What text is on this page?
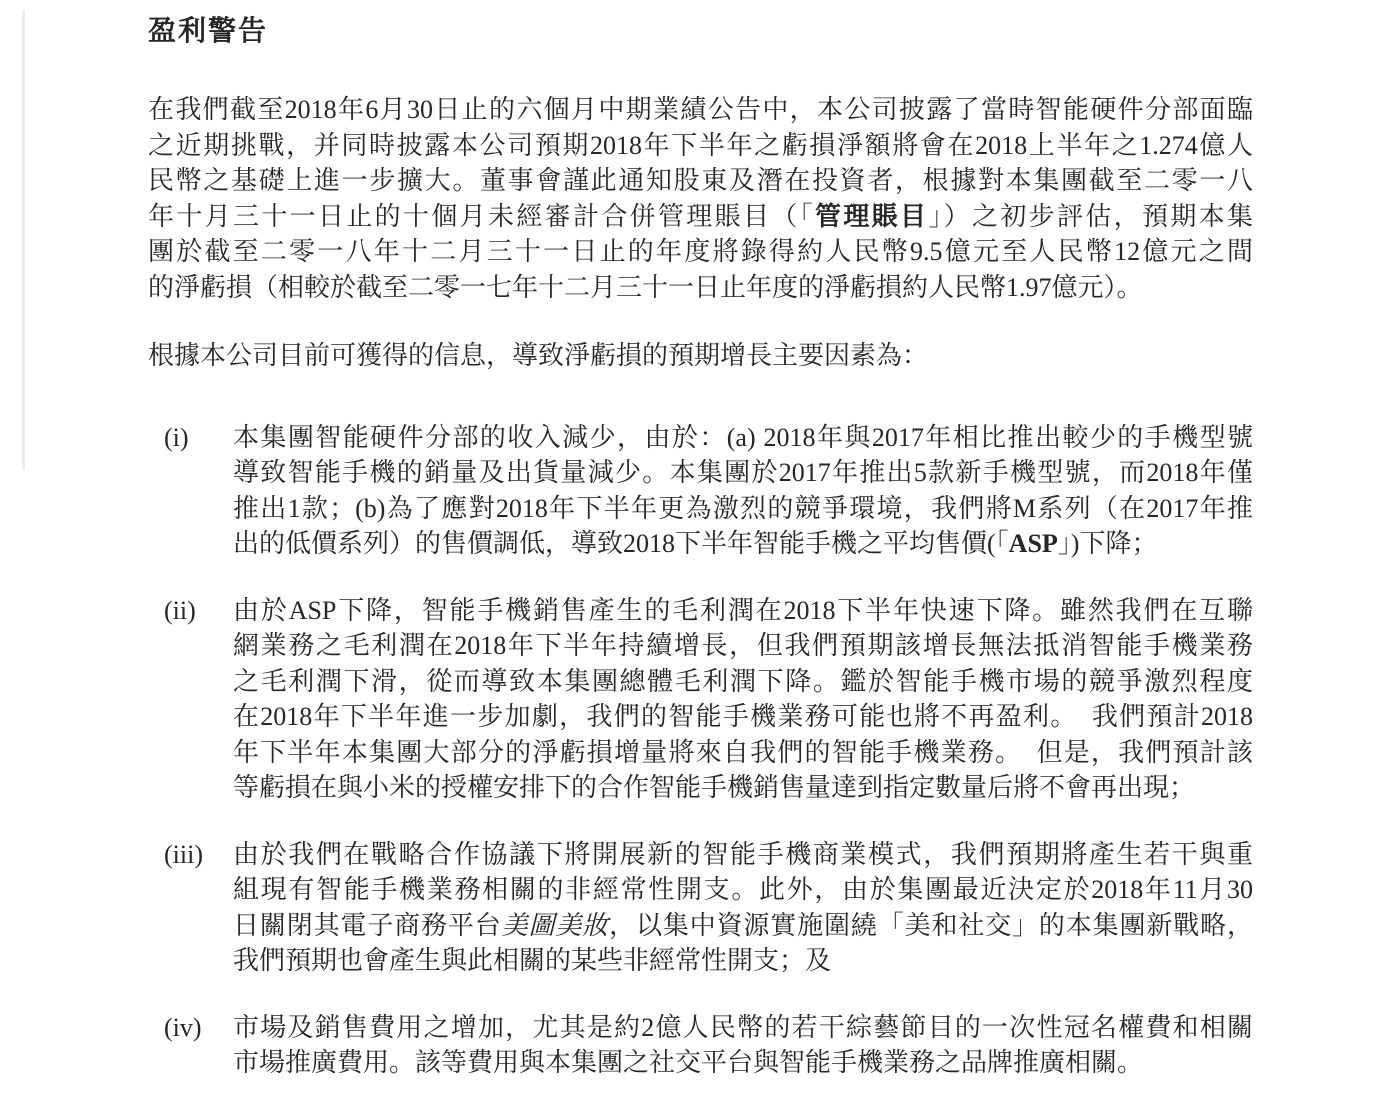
盈利警告
在我們截至2018年6月30日止的六個月中期業績公告中，本公司披露了當時智能硬件分部面臨
之近期挑戰，并同時披露本公司預期2018年下半年之虧損淨額將會在2018上半年之1.274億人
民幣之基礎上進一步擴大。董事會謹此通知股東及潛在投資者，根據對本集團截至二零一八
年十月三十一日止的十個月未經審計合併管理賬目（「管理賬目」）之初步評估，預期本集
團於截至二零一八年十二月三十一日止的年度將錄得約人民幣9.5億元至人民幣12億元之間
的淨虧損（相較於截至二零一七年十二月三十一日止年度的淨虧損約人民幣1.97億元）。
根據本公司目前可獲得的信息，導致淨虧損的預期增長主要因素為：
(i)	本集團智能硬件分部的收入減少，由於：(a) 2018年與2017年相比推出較少的手機型號
導致智能手機的銷量及出貨量減少。本集團於2017年推出5款新手機型號，而2018年僅
推出1款；(b)為了應對2018年下半年更為激烈的競爭環境，我們將M系列（在2017年推
出的低價系列）的售價調低，導致2018下半年智能手機之平均售價(「ASP」)下降；
(ii)	由於ASP下降，智能手機銷售產生的毛利潤在2018下半年快速下降。雖然我們在互聯
網業務之毛利潤在2018年下半年持續增長，但我們預期該增長無法抵消智能手機業務
之毛利潤下滑，從而導致本集團總體毛利潤下降。鑑於智能手機市場的競爭激烈程度
在2018年下半年進一步加劇，我們的智能手機業務可能也將不再盈利。　我們預計2018
年下半年本集團大部分的淨虧損增量將來自我們的智能手機業務。　但是，我們預計該
等虧損在與小米的授權安排下的合作智能手機銷售量達到指定數量后將不會再出現；
(iii)	由於我們在戰略合作協議下將開展新的智能手機商業模式，我們預期將產生若干與重
組現有智能手機業務相關的非經常性開支。此外，由於集團最近決定於2018年11月30
日關閉其電子商務平台美圖美妝，以集中資源實施圍繞「美和社交」的本集團新戰略，
我們預期也會產生與此相關的某些非經常性開支；及
(iv)	市場及銷售費用之增加，尤其是約2億人民幣的若干綜藝節目的一次性冠名權費和相關
市場推廣費用。該等費用與本集團之社交平台與智能手機業務之品牌推廣相關。
